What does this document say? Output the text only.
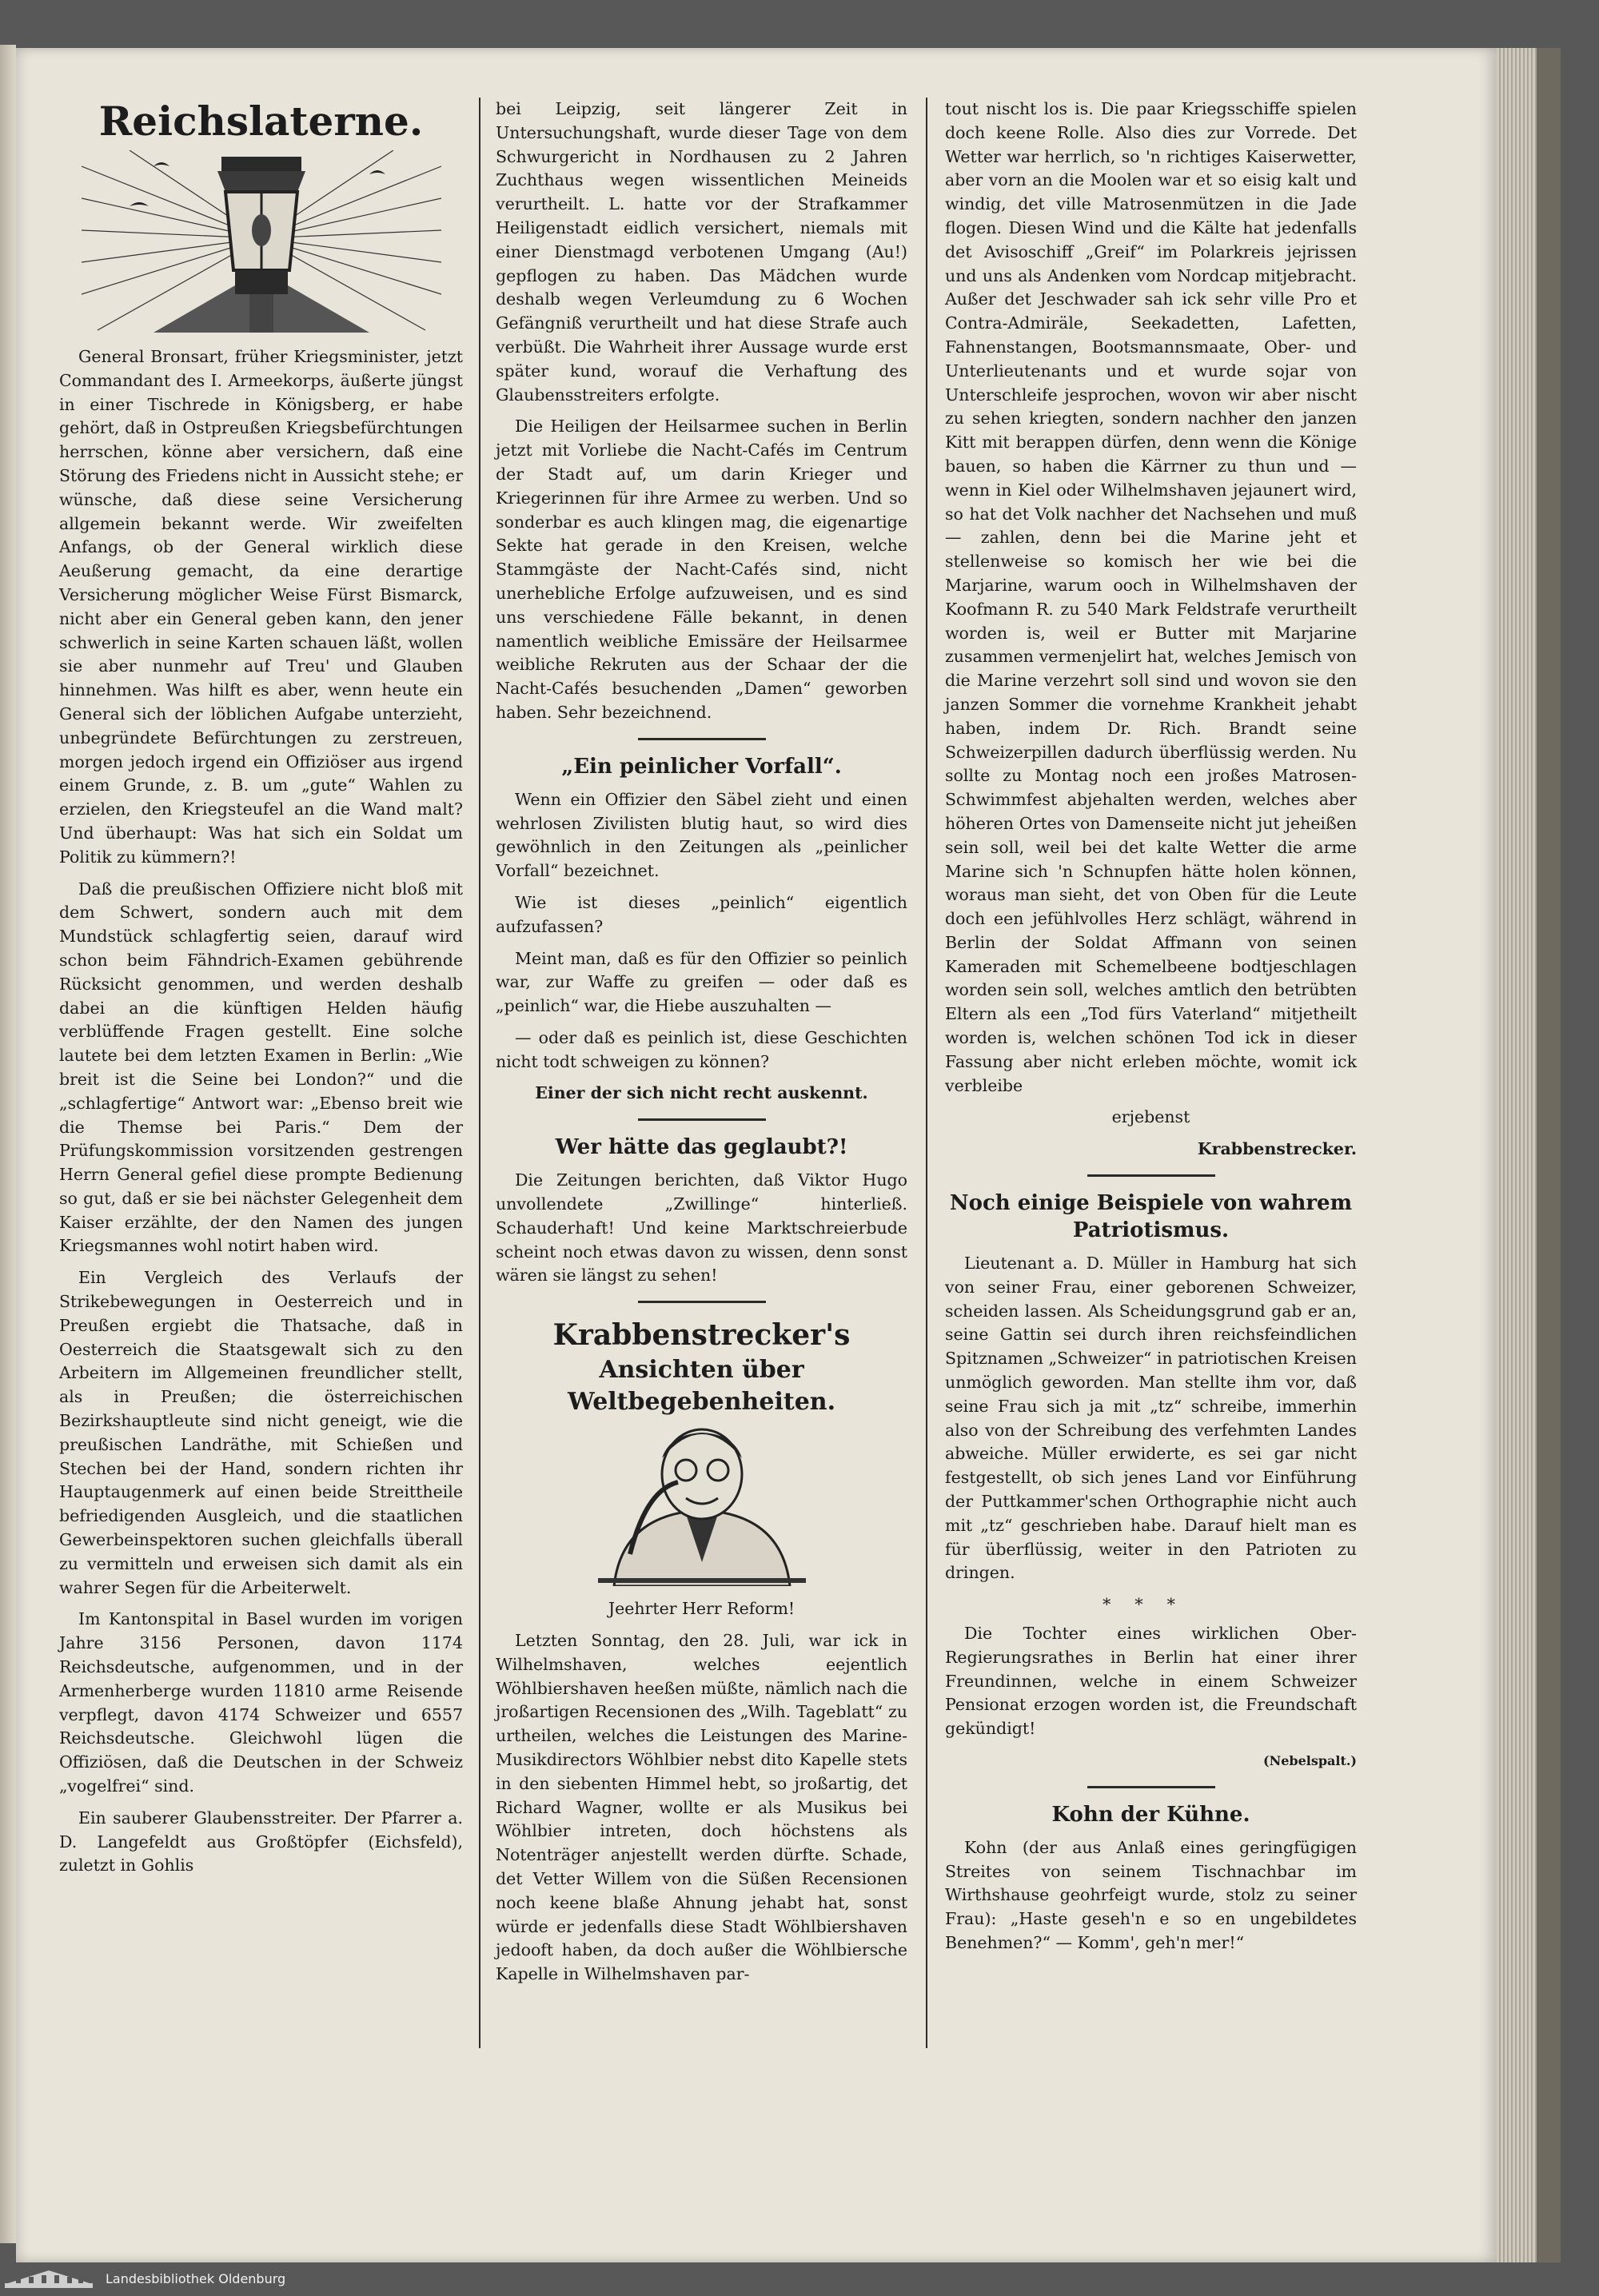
Reichslaterne.

General Bronsart, früher Kriegsminister, jetzt Commandant des I. Armeekorps, äußerte jüngst in einer Tischrede in Königsberg, er habe gehört, daß in Ostpreußen Kriegsbefürchtungen herrschen, könne aber versichern, daß eine Störung des Friedens nicht in Aussicht stehe; er wünsche, daß diese seine Versicherung allgemein bekannt werde. Wir zweifelten Anfangs, ob der General wirklich diese Aeußerung gemacht, da eine derartige Versicherung möglicher Weise Fürst Bismarck, nicht aber ein General geben kann, den jener schwerlich in seine Karten schauen läßt, wollen sie aber nunmehr auf Treu' und Glauben hinnehmen. Was hilft es aber, wenn heute ein General sich der löblichen Aufgabe unterzieht, unbegründete Befürchtungen zu zerstreuen, morgen jedoch irgend ein Offiziöser aus irgend einem Grunde, z. B. um „gute“ Wahlen zu erzielen, den Kriegsteufel an die Wand malt? Und überhaupt: Was hat sich ein Soldat um Politik zu kümmern?!

Daß die preußischen Offiziere nicht bloß mit dem Schwert, sondern auch mit dem Mundstück schlagfertig seien, darauf wird schon beim Fähndrich-Examen gebührende Rücksicht genommen, und werden deshalb dabei an die künftigen Helden häufig verblüffende Fragen gestellt. Eine solche lautete bei dem letzten Examen in Berlin: „Wie breit ist die Seine bei London?“ und die „schlagfertige“ Antwort war: „Ebenso breit wie die Themse bei Paris.“ Dem der Prüfungskommission vorsitzenden gestrengen Herrn General gefiel diese prompte Bedienung so gut, daß er sie bei nächster Gelegenheit dem Kaiser erzählte, der den Namen des jungen Kriegsmannes wohl notirt haben wird.

Ein Vergleich des Verlaufs der Strikebewegungen in Oesterreich und in Preußen ergiebt die Thatsache, daß in Oesterreich die Staatsgewalt sich zu den Arbeitern im Allgemeinen freundlicher stellt, als in Preußen; die österreichischen Bezirkshauptleute sind nicht geneigt, wie die preußischen Landräthe, mit Schießen und Stechen bei der Hand, sondern richten ihr Hauptaugenmerk auf einen beide Streittheile befriedigenden Ausgleich, und die staatlichen Gewerbeinspektoren suchen gleichfalls überall zu vermitteln und erweisen sich damit als ein wahrer Segen für die Arbeiterwelt.

Im Kantonspital in Basel wurden im vorigen Jahre 3156 Personen, davon 1174 Reichsdeutsche, aufgenommen, und in der Armenherberge wurden 11810 arme Reisende verpflegt, davon 4174 Schweizer und 6557 Reichsdeutsche. Gleichwohl lügen die Offiziösen, daß die Deutschen in der Schweiz „vogelfrei“ sind.

Ein sauberer Glaubensstreiter. Der Pfarrer a. D. Langefeldt aus Großtöpfer (Eichsfeld), zuletzt in Gohlis

bei Leipzig, seit längerer Zeit in Untersuchungshaft, wurde dieser Tage von dem Schwurgericht in Nordhausen zu 2 Jahren Zuchthaus wegen wissentlichen Meineids verurtheilt. L. hatte vor der Strafkammer Heiligenstadt eidlich versichert, niemals mit einer Dienstmagd verbotenen Umgang (Au!) gepflogen zu haben. Das Mädchen wurde deshalb wegen Verleumdung zu 6 Wochen Gefängniß verurtheilt und hat diese Strafe auch verbüßt. Die Wahrheit ihrer Aussage wurde erst später kund, worauf die Verhaftung des Glaubensstreiters erfolgte.

Die Heiligen der Heilsarmee suchen in Berlin jetzt mit Vorliebe die Nacht-Cafés im Centrum der Stadt auf, um darin Krieger und Kriegerinnen für ihre Armee zu werben. Und so sonderbar es auch klingen mag, die eigenartige Sekte hat gerade in den Kreisen, welche Stammgäste der Nacht-Cafés sind, nicht unerhebliche Erfolge aufzuweisen, und es sind uns verschiedene Fälle bekannt, in denen namentlich weibliche Emissäre der Heilsarmee weibliche Rekruten aus der Schaar der die Nacht-Cafés besuchenden „Damen“ geworben haben. Sehr bezeichnend.

„Ein peinlicher Vorfall“.

Wenn ein Offizier den Säbel zieht und einen wehrlosen Zivilisten blutig haut, so wird dies gewöhnlich in den Zeitungen als „peinlicher Vorfall“ bezeichnet.

Wie ist dieses „peinlich“ eigentlich aufzufassen?

Meint man, daß es für den Offizier so peinlich war, zur Waffe zu greifen — oder daß es „peinlich“ war, die Hiebe auszuhalten —

— oder daß es peinlich ist, diese Geschichten nicht todt schweigen zu können?

Einer der sich nicht recht auskennt.

Wer hätte das geglaubt?!

Die Zeitungen berichten, daß Viktor Hugo unvollendete „Zwillinge“ hinterließ. Schauderhaft! Und keine Marktschreierbude scheint noch etwas davon zu wissen, denn sonst wären sie längst zu sehen!

Krabbenstrecker's
Ansichten über Weltbegebenheiten.

Jeehrter Herr Reform!

Letzten Sonntag, den 28. Juli, war ick in Wilhelmshaven, welches eejentlich Wöhlbiershaven heeßen müßte, nämlich nach die jroßartigen Recensionen des „Wilh. Tageblatt“ zu urtheilen, welches die Leistungen des Marine-Musikdirectors Wöhlbier nebst dito Kapelle stets in den siebenten Himmel hebt, so jroßartig, det Richard Wagner, wollte er als Musikus bei Wöhlbier intreten, doch höchstens als Notenträger anjestellt werden dürfte. Schade, det Vetter Willem von die Süßen Recensionen noch keene blaße Ahnung jehabt hat, sonst würde er jedenfalls diese Stadt Wöhlbiershaven jedooft haben, da doch außer die Wöhlbiersche Kapelle in Wilhelmshaven par-

tout nischt los is. Die paar Kriegsschiffe spielen doch keene Rolle. Also dies zur Vorrede. Det Wetter war herrlich, so 'n richtiges Kaiserwetter, aber vorn an die Moolen war et so eisig kalt und windig, det ville Matrosenmützen in die Jade flogen. Diesen Wind und die Kälte hat jedenfalls det Avisoschiff „Greif“ im Polarkreis jejrissen und uns als Andenken vom Nordcap mitjebracht. Außer det Jeschwader sah ick sehr ville Pro et Contra-Admiräle, Seekadetten, Lafetten, Fahnenstangen, Bootsmannsmaate, Ober- und Unterlieutenants und et wurde sojar von Unterschleife jesprochen, wovon wir aber nischt zu sehen kriegten, sondern nachher den janzen Kitt mit berappen dürfen, denn wenn die Könige bauen, so haben die Kärrner zu thun und — wenn in Kiel oder Wilhelmshaven jejaunert wird, so hat det Volk nachher det Nachsehen und muß — zahlen, denn bei die Marine jeht et stellenweise so komisch her wie bei die Marjarine, warum ooch in Wilhelmshaven der Koofmann R. zu 540 Mark Feldstrafe verurtheilt worden is, weil er Butter mit Marjarine zusammen vermenjelirt hat, welches Jemisch von die Marine verzehrt soll sind und wovon sie den janzen Sommer die vornehme Krankheit jehabt haben, indem Dr. Rich. Brandt seine Schweizerpillen dadurch überflüssig werden. Nu sollte zu Montag noch een jroßes Matrosen-Schwimmfest abjehalten werden, welches aber höheren Ortes von Damenseite nicht jut jeheißen sein soll, weil bei det kalte Wetter die arme Marine sich 'n Schnupfen hätte holen können, woraus man sieht, det von Oben für die Leute doch een jefühlvolles Herz schlägt, während in Berlin der Soldat Affmann von seinen Kameraden mit Schemelbeene bodtjeschlagen worden sein soll, welches amtlich den betrübten Eltern als een „Tod fürs Vaterland“ mitjetheilt worden is, welchen schönen Tod ick in dieser Fassung aber nicht erleben möchte, womit ick verbleibe

erjebenst

Krabbenstrecker.

Noch einige Beispiele von wahrem Patriotismus.

Lieutenant a. D. Müller in Hamburg hat sich von seiner Frau, einer geborenen Schweizer, scheiden lassen. Als Scheidungsgrund gab er an, seine Gattin sei durch ihren reichsfeindlichen Spitznamen „Schweizer“ in patriotischen Kreisen unmöglich geworden. Man stellte ihm vor, daß seine Frau sich ja mit „tz“ schreibe, immerhin also von der Schreibung des verfehmten Landes abweiche. Müller erwiderte, es sei gar nicht festgestellt, ob sich jenes Land vor Einführung der Puttkammer'schen Orthographie nicht auch mit „tz“ geschrieben habe. Darauf hielt man es für überflüssig, weiter in den Patrioten zu dringen.

***

Die Tochter eines wirklichen Ober-Regierungsrathes in Berlin hat einer ihrer Freundinnen, welche in einem Schweizer Pensionat erzogen worden ist, die Freundschaft gekündigt!

(Nebelspalt.)

Kohn der Kühne.

Kohn (der aus Anlaß eines geringfügigen Streites von seinem Tischnachbar im Wirthshause geohrfeigt wurde, stolz zu seiner Frau): „Haste geseh'n e so en ungebildetes Benehmen?“ — Komm', geh'n mer!“

Landesbibliothek Oldenburg
